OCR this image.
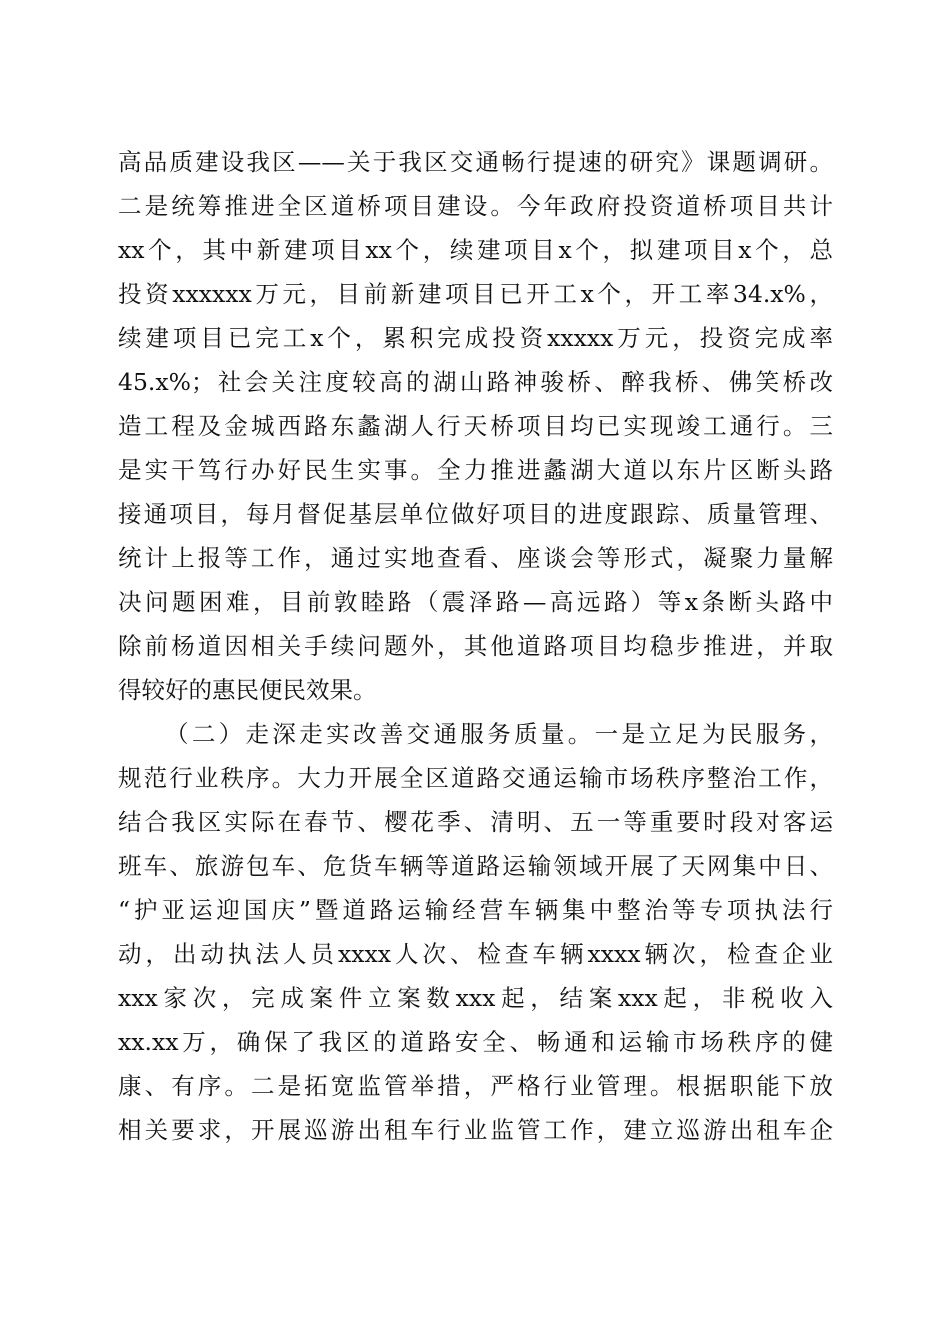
高品质建设我区——关于我区交通畅行提速的研究》课题调研。
二是统筹推进全区道桥项目建设。今年政府投资道桥项目共计
xx个，其中新建项目xx个，续建项目x个，拟建项目x个，总
投资xxxxxx万元，目前新建项目已开工x个，开工率34.x%，
续建项目已完工x个，累积完成投资xxxxx万元，投资完成率
45.x%；社会关注度较高的湖山路神骏桥、醉我桥、佛笑桥改
造工程及金城西路东蠡湖人行天桥项目均已实现竣工通行。三
是实干笃行办好民生实事。全力推进蠡湖大道以东片区断头路
接通项目，每月督促基层单位做好项目的进度跟踪、质量管理、
统计上报等工作，通过实地查看、座谈会等形式，凝聚力量解
决问题困难，目前敦睦路（震泽路—高远路）等x条断头路中
除前杨道因相关手续问题外，其他道路项目均稳步推进，并取
得较好的惠民便民效果。
（二）走深走实改善交通服务质量。一是立足为民服务，
规范行业秩序。大力开展全区道路交通运输市场秩序整治工作，
结合我区实际在春节、樱花季、清明、五一等重要时段对客运
班车、旅游包车、危货车辆等道路运输领域开展了天网集中日、
“护亚运迎国庆”暨道路运输经营车辆集中整治等专项执法行
动，出动执法人员xxxx人次、检查车辆xxxx辆次，检查企业
xxx家次，完成案件立案数xxx起，结案xxx起，非税收入
xx.xx万，确保了我区的道路安全、畅通和运输市场秩序的健
康、有序。二是拓宽监管举措，严格行业管理。根据职能下放
相关要求，开展巡游出租车行业监管工作，建立巡游出租车企
